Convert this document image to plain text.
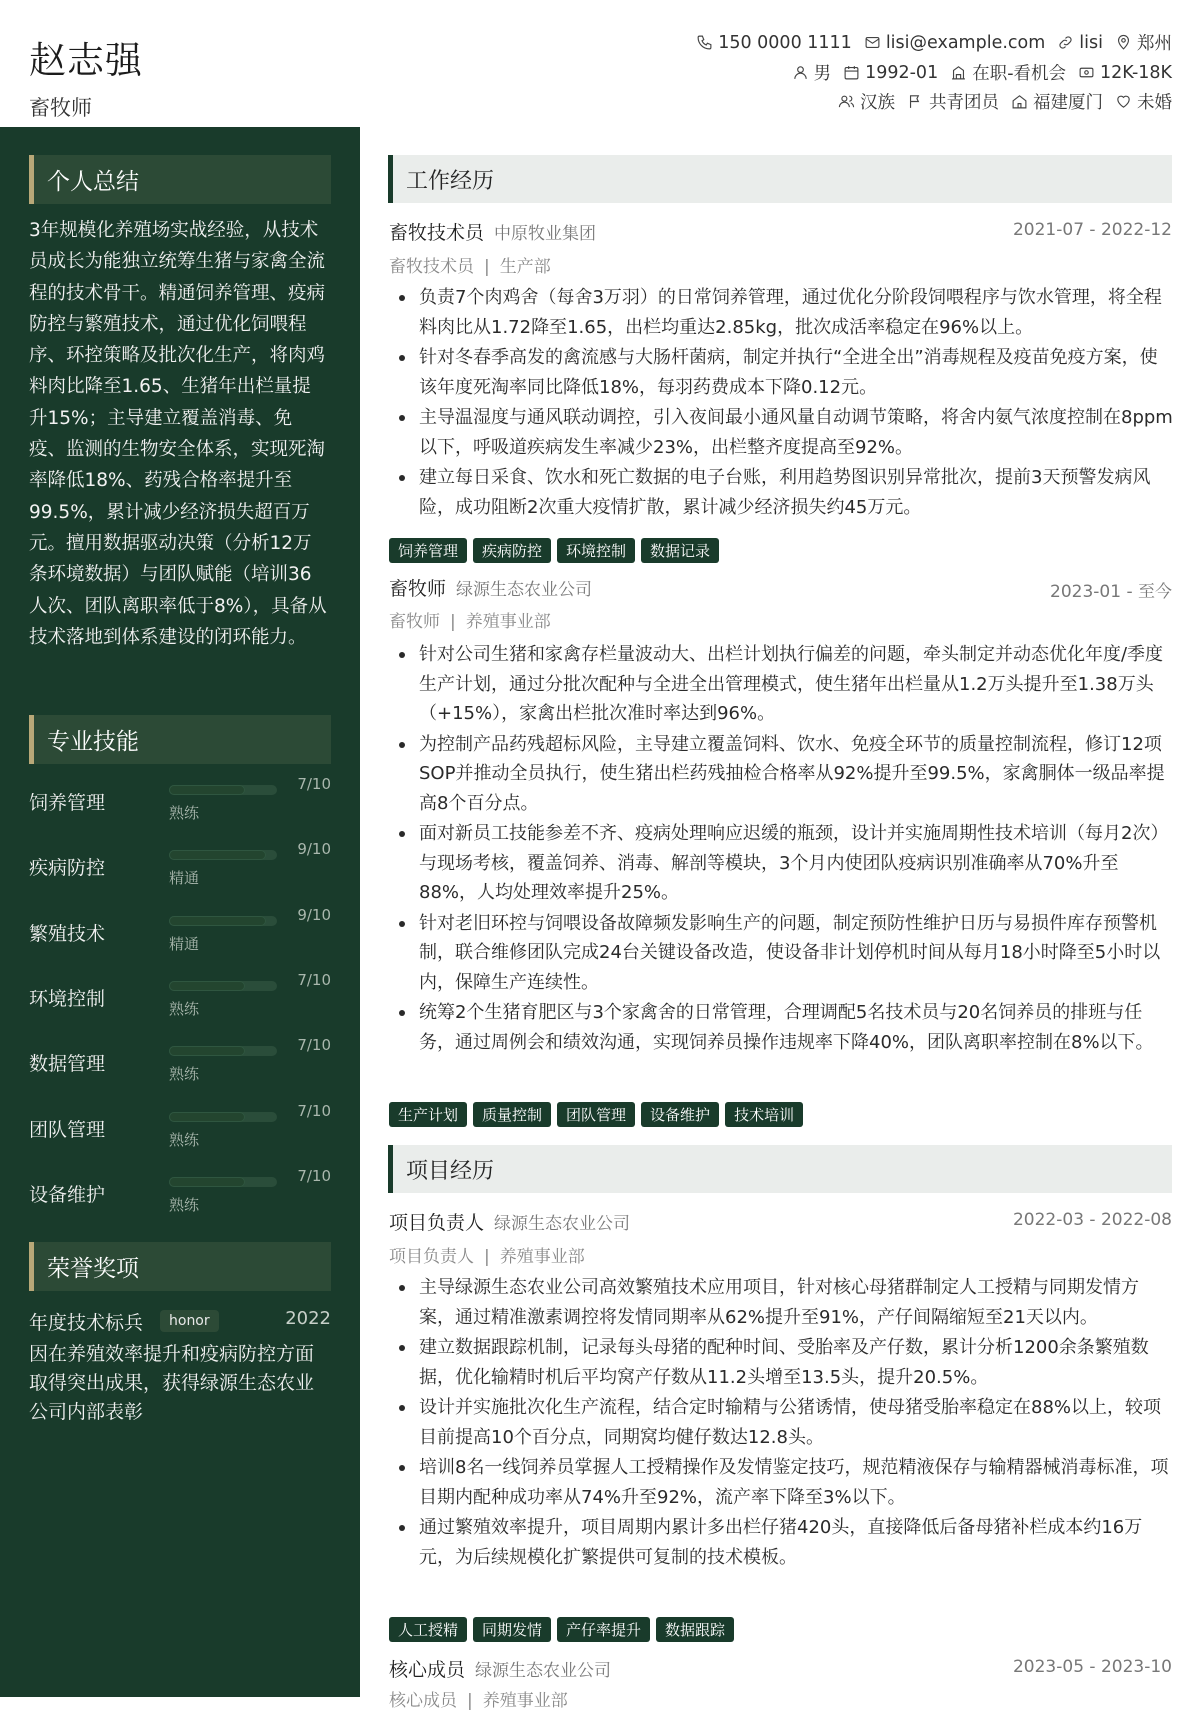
赵志强
畜牧师
150 0000 1111 lisi@example.com lisi 郑州
男 1992-01 在职-看机会 12K-18K
汉族 共青团员 福建厦门 未婚
个人总结
3年规模化养殖场实战经验，从技术员成长为能独立统筹生猪与家禽全流程的技术骨干。精通饲养管理、疫病防控与繁殖技术，通过优化饲喂程序、环控策略及批次化生产，将肉鸡料肉比降至1.65、生猪年出栏量提升15%；主导建立覆盖消毒、免疫、监测的生物安全体系，实现死淘率降低18%、药残合格率提升至99.5%，累计减少经济损失超百万元。擅用数据驱动决策（分析12万条环境数据）与团队赋能（培训36人次、团队离职率低于8%），具备从技术落地到体系建设的闭环能力。
专业技能
饲养管理
7/10
熟练
疾病防控
9/10
精通
繁殖技术
9/10
精通
环境控制
7/10
熟练
数据管理
7/10
熟练
团队管理
7/10
熟练
设备维护
7/10
熟练
荣誉奖项
年度技术标兵	honor	2022
因在养殖效率提升和疫病防控方面取得突出成果，获得绿源生态农业公司内部表彰
工作经历
畜牧技术员 中原牧业集团	2021-07 - 2022-12
畜牧技术员 | 生产部
负责7个肉鸡舍（每舍3万羽）的日常饲养管理，通过优化分阶段饲喂程序与饮水管理，将全程料肉比从1.72降至1.65，出栏均重达2.85kg，批次成活率稳定在96%以上。
针对冬春季高发的禽流感与大肠杆菌病，制定并执行“全进全出”消毒规程及疫苗免疫方案，使该年度死淘率同比降低18%，每羽药费成本下降0.12元。
主导温湿度与通风联动调控，引入夜间最小通风量自动调节策略，将舍内氨气浓度控制在8ppm以下，呼吸道疾病发生率减少23%，出栏整齐度提高至92%。
建立每日采食、饮水和死亡数据的电子台账，利用趋势图识别异常批次，提前3天预警发病风险，成功阻断2次重大疫情扩散，累计减少经济损失约45万元。
饲养管理	疾病防控	环境控制	数据记录
畜牧师 绿源生态农业公司	2023-01 - 至今
畜牧师 | 养殖事业部
针对公司生猪和家禽存栏量波动大、出栏计划执行偏差的问题，牵头制定并动态优化年度/季度生产计划，通过分批次配种与全进全出管理模式，使生猪年出栏量从1.2万头提升至1.38万头（+15%），家禽出栏批次准时率达到96%。
为控制产品药残超标风险，主导建立覆盖饲料、饮水、免疫全环节的质量控制流程，修订12项SOP并推动全员执行，使生猪出栏药残抽检合格率从92%提升至99.5%，家禽胴体一级品率提高8个百分点。
面对新员工技能参差不齐、疫病处理响应迟缓的瓶颈，设计并实施周期性技术培训（每月2次）与现场考核，覆盖饲养、消毒、解剖等模块，3个月内使团队疫病识别准确率从70%升至88%，人均处理效率提升25%。
针对老旧环控与饲喂设备故障频发影响生产的问题，制定预防性维护日历与易损件库存预警机制，联合维修团队完成24台关键设备改造，使设备非计划停机时间从每月18小时降至5小时以内，保障生产连续性。
统筹2个生猪育肥区与3个家禽舍的日常管理，合理调配5名技术员与20名饲养员的排班与任务，通过周例会和绩效沟通，实现饲养员操作违规率下降40%，团队离职率控制在8%以下。
生产计划	质量控制	团队管理	设备维护	技术培训
项目经历
项目负责人 绿源生态农业公司	2022-03 - 2022-08
项目负责人 | 养殖事业部
主导绿源生态农业公司高效繁殖技术应用项目，针对核心母猪群制定人工授精与同期发情方案，通过精准激素调控将发情同期率从62%提升至91%，产仔间隔缩短至21天以内。
建立数据跟踪机制，记录每头母猪的配种时间、受胎率及产仔数，累计分析1200余条繁殖数据，优化输精时机后平均窝产仔数从11.2头增至13.5头，提升20.5%。
设计并实施批次化生产流程，结合定时输精与公猪诱情，使母猪受胎率稳定在88%以上，较项目前提高10个百分点，同期窝均健仔数达12.8头。
培训8名一线饲养员掌握人工授精操作及发情鉴定技巧，规范精液保存与输精器械消毒标准，项目期内配种成功率从74%升至92%，流产率下降至3%以下。
通过繁殖效率提升，项目周期内累计多出栏仔猪420头，直接降低后备母猪补栏成本约16万元，为后续规模化扩繁提供可复制的技术模板。
人工授精	同期发情	产仔率提升	数据跟踪
核心成员 绿源生态农业公司	2023-05 - 2023-10
核心成员 | 养殖事业部
